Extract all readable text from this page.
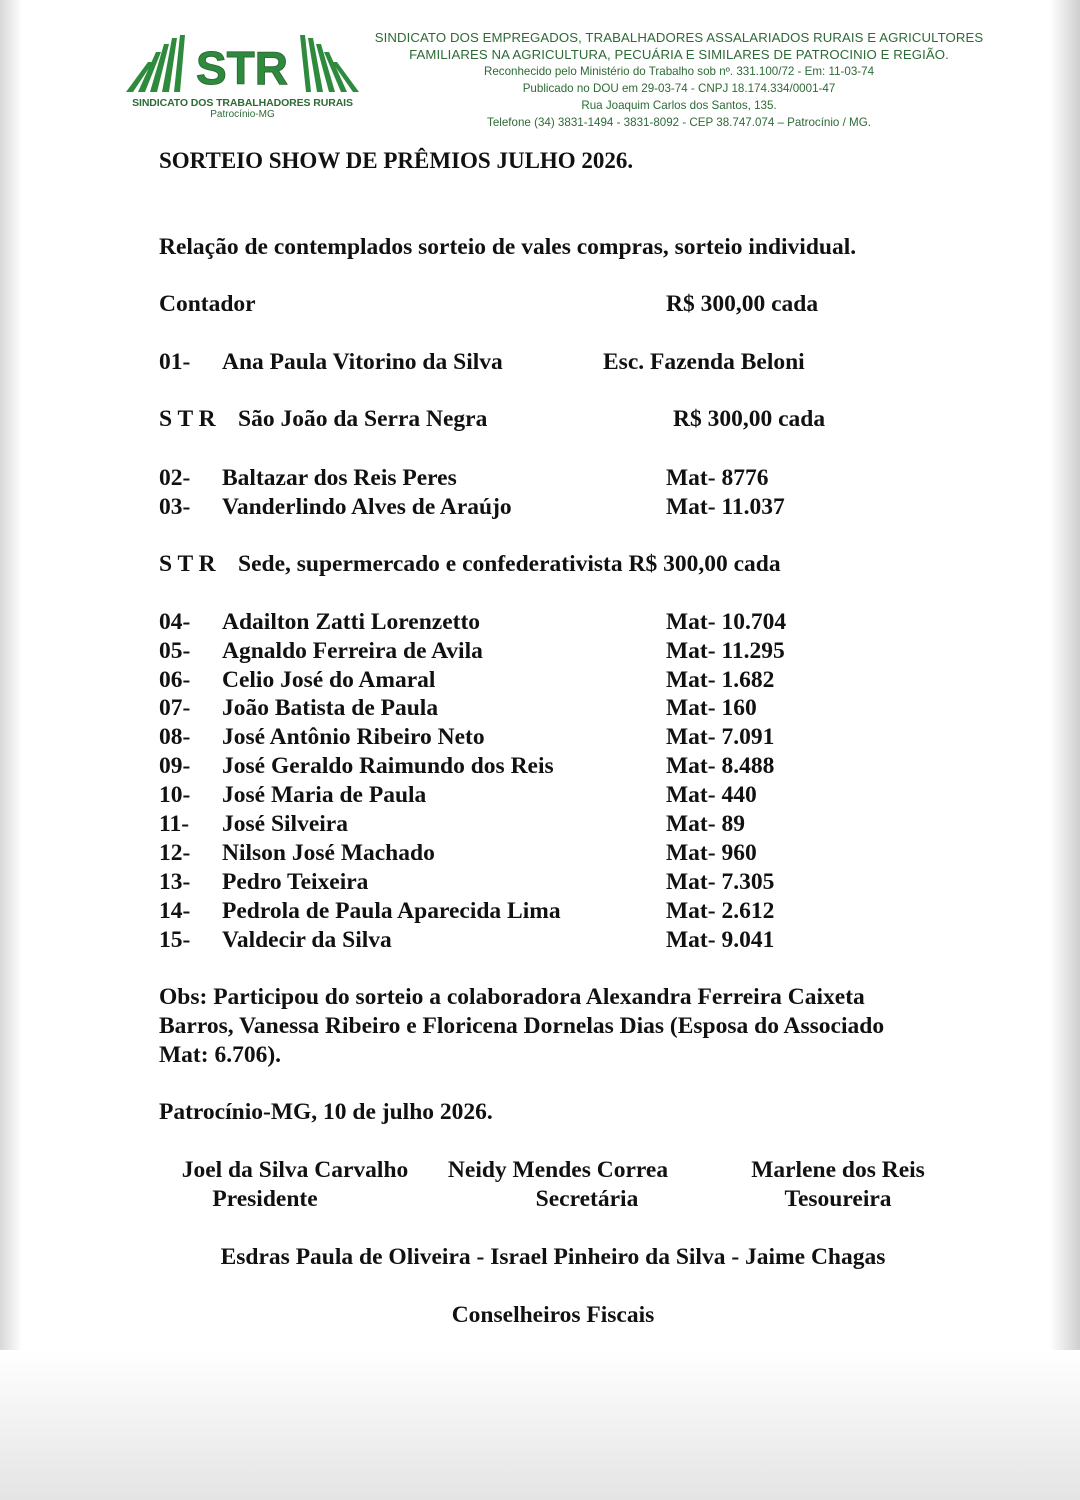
STR
SINDICATO DOS TRABALHADORES RURAIS
Patrocínio-MG
SINDICATO DOS EMPREGADOS, TRABALHADORES ASSALARIADOS RURAIS E AGRICULTORES
FAMILIARES NA AGRICULTURA, PECUÁRIA E SIMILARES DE PATROCINIO E REGIÃO.
Reconhecido pelo Ministério do Trabalho sob nº. 331.100/72 - Em: 11-03-74
Publicado no DOU em 29-03-74 - CNPJ 18.174.334/0001-47
Rua Joaquim Carlos dos Santos, 135.
Telefone (34) 3831-1494 - 3831-8092 - CEP 38.747.074 – Patrocínio / MG.
SORTEIO SHOW DE PRÊMIOS JULHO 2026.
Relação de contemplados sorteio de vales compras, sorteio individual.
Contador	R$ 300,00 cada
01- Ana Paula Vitorino da Silva	Esc. Fazenda Beloni
S T R São João da Serra Negra	R$ 300,00 cada
02- Baltazar dos Reis Peres	Mat- 8776
03- Vanderlindo Alves de Araújo	Mat- 11.037
S T R Sede, supermercado e confederativista R$ 300,00 cada
04- Adailton Zatti Lorenzetto	Mat- 10.704
05- Agnaldo Ferreira de Avila	Mat- 11.295
06- Celio José do Amaral	Mat- 1.682
07- João Batista de Paula	Mat- 160
08- José Antônio Ribeiro Neto	Mat- 7.091
09- José Geraldo Raimundo dos Reis	Mat- 8.488
10- José Maria de Paula	Mat- 440
11- José Silveira	Mat- 89
12- Nilson José Machado	Mat- 960
13- Pedro Teixeira	Mat- 7.305
14- Pedrola de Paula Aparecida Lima	Mat- 2.612
15- Valdecir da Silva	Mat- 9.041
Obs: Participou do sorteio a colaboradora Alexandra Ferreira Caixeta
Barros, Vanessa Ribeiro e Floricena Dornelas Dias (Esposa do Associado
Mat: 6.706).
Patrocínio-MG, 10 de julho 2026.
Joel da Silva Carvalho
Presidente
Neidy Mendes Correa
Secretária
Marlene dos Reis
Tesoureira
Esdras Paula de Oliveira - Israel Pinheiro da Silva - Jaime Chagas
Conselheiros Fiscais
